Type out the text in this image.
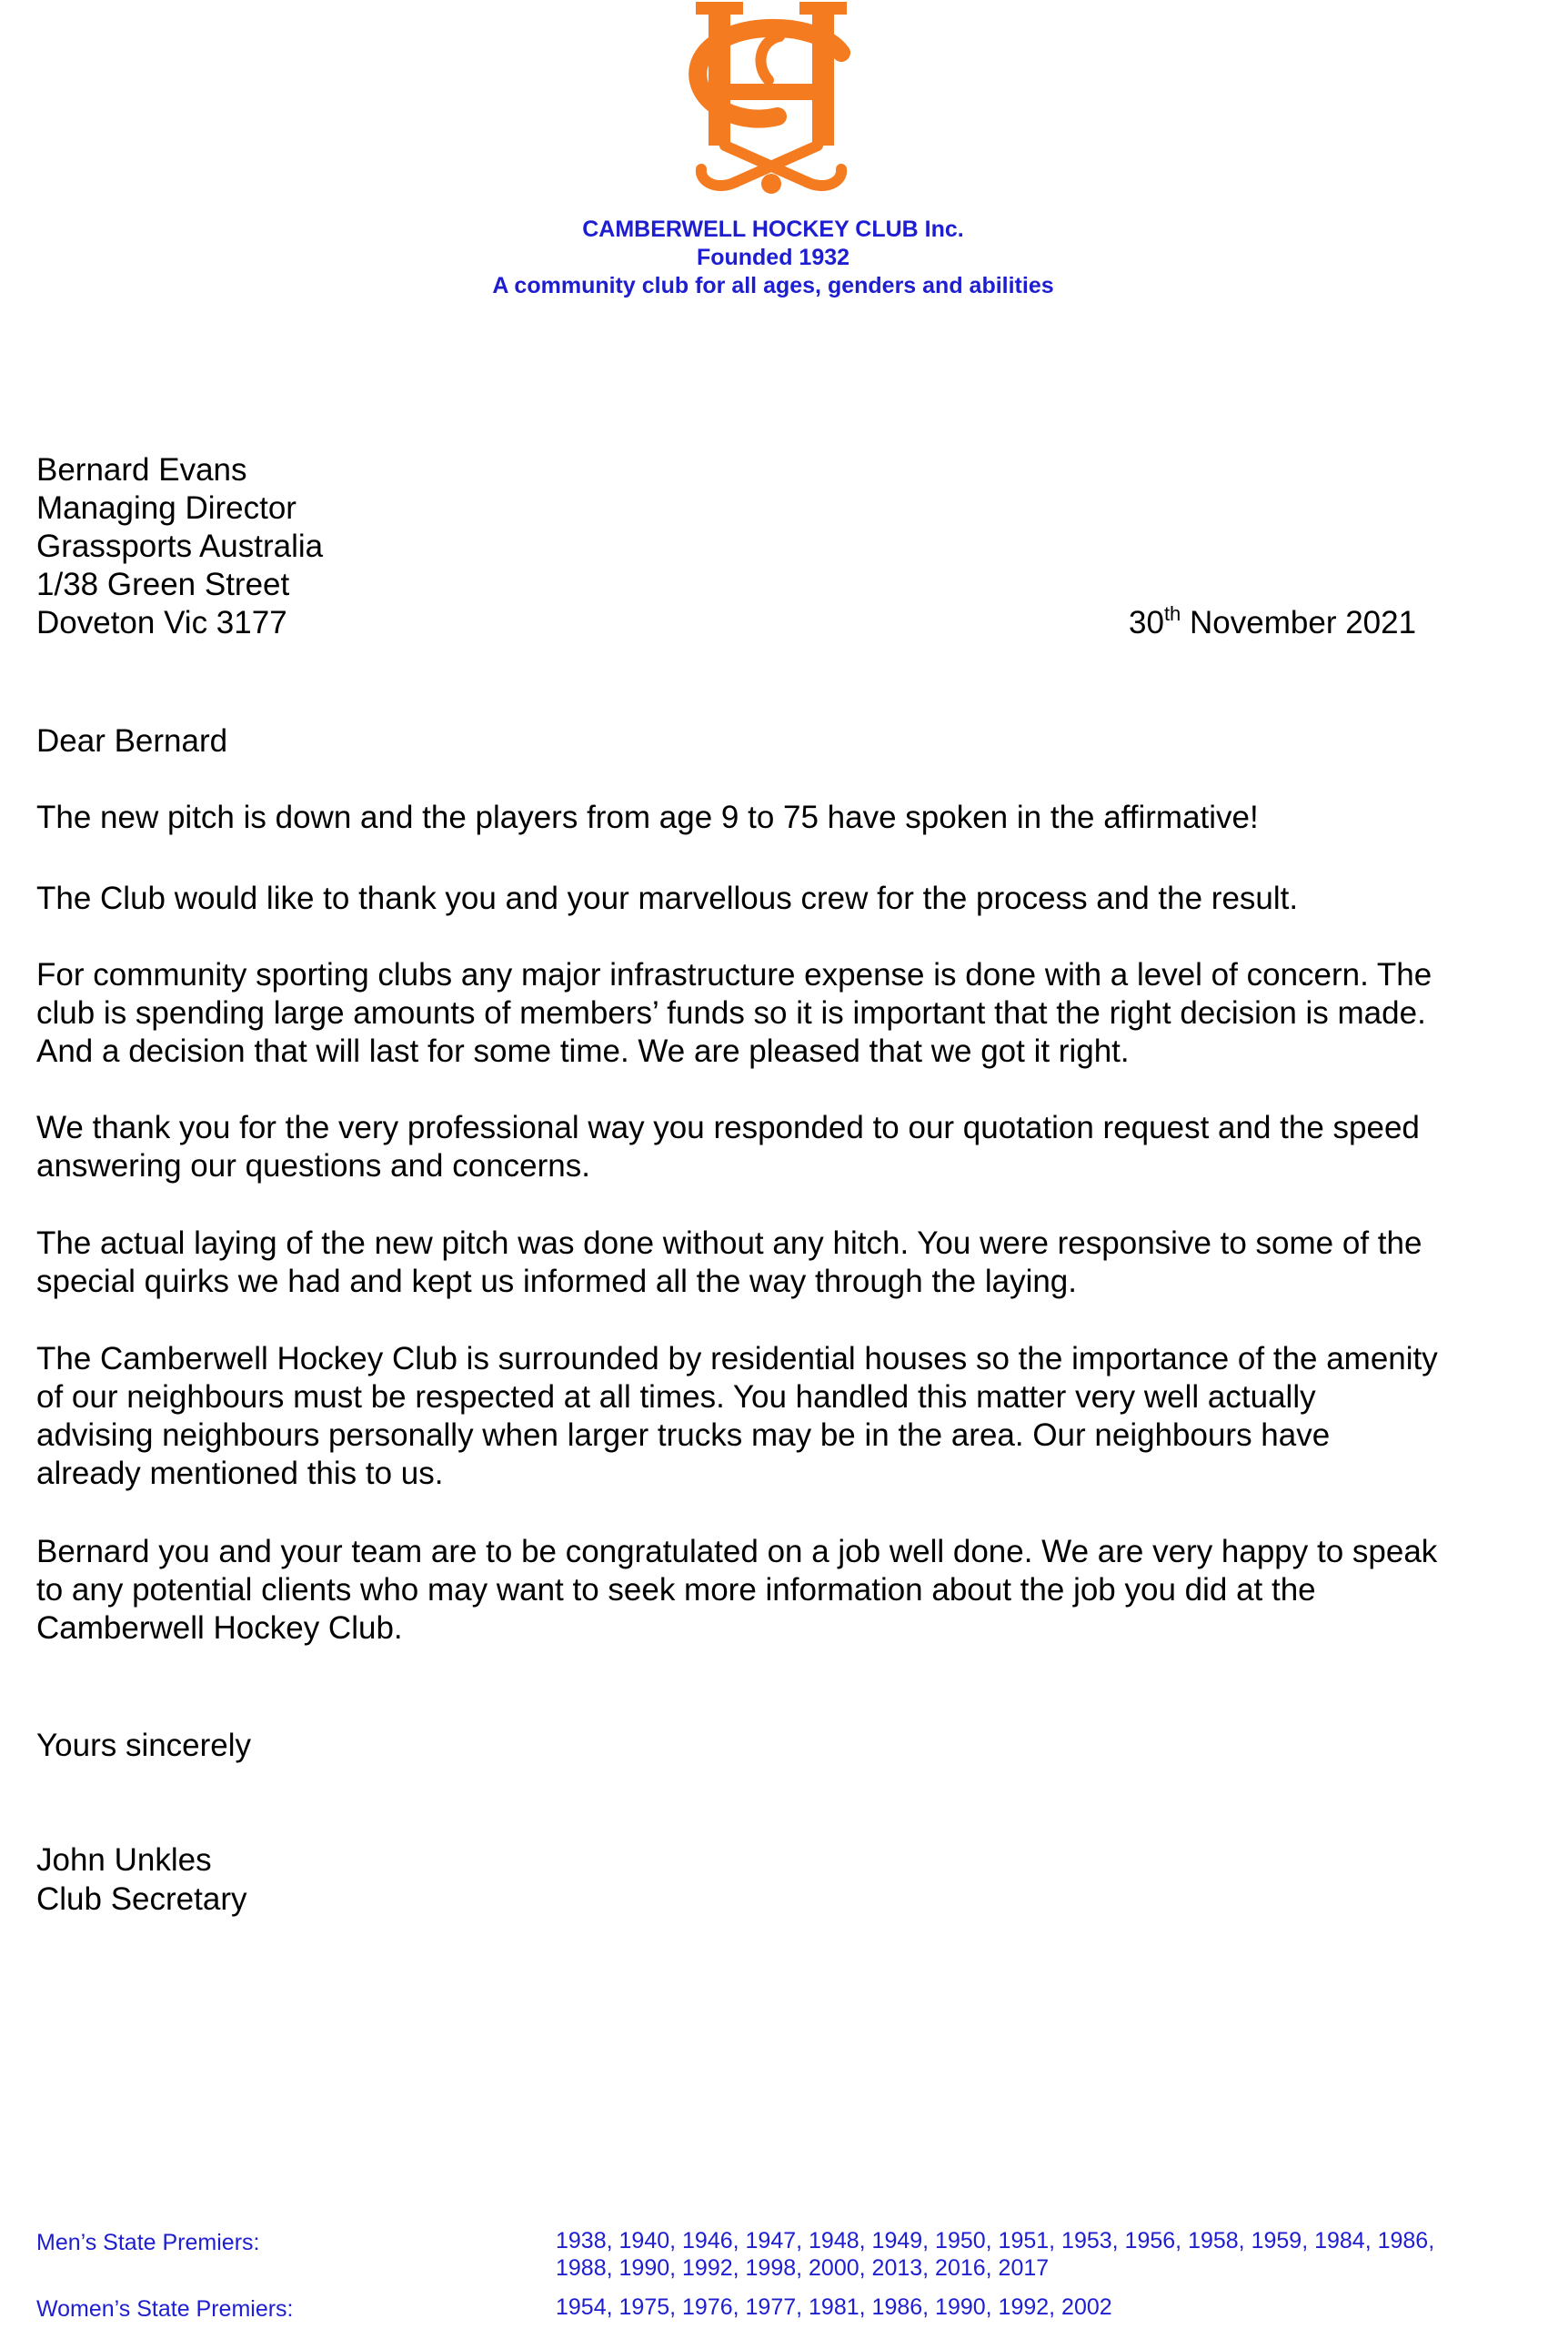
CAMBERWELL HOCKEY CLUB Inc.
Founded 1932
A community club for all ages, genders and abilities
Bernard Evans
Managing Director
Grassports Australia
1/38 Green Street
Doveton Vic 3177	30th November 2021
Dear Bernard
The new pitch is down and the players from age 9 to 75 have spoken in the affirmative!
The Club would like to thank you and your marvellous crew for the process and the result.
For community sporting clubs any major infrastructure expense is done with a level of concern. The
club is spending large amounts of members’ funds so it is important that the right decision is made.
And a decision that will last for some time. We are pleased that we got it right.
We thank you for the very professional way you responded to our quotation request and the speed
answering our questions and concerns.
The actual laying of the new pitch was done without any hitch. You were responsive to some of the
special quirks we had and kept us informed all the way through the laying.
The Camberwell Hockey Club is surrounded by residential houses so the importance of the amenity
of our neighbours must be respected at all times. You handled this matter very well actually
advising neighbours personally when larger trucks may be in the area. Our neighbours have
already mentioned this to us.
Bernard you and your team are to be congratulated on a job well done. We are very happy to speak
to any potential clients who may want to seek more information about the job you did at the
Camberwell Hockey Club.
Yours sincerely
John Unkles
Club Secretary
Men’s State Premiers:	1938, 1940, 1946, 1947, 1948, 1949, 1950, 1951, 1953, 1956, 1958, 1959, 1984, 1986,
1988, 1990, 1992, 1998, 2000, 2013, 2016, 2017
Women’s State Premiers:	1954, 1975, 1976, 1977, 1981, 1986, 1990, 1992, 2002
